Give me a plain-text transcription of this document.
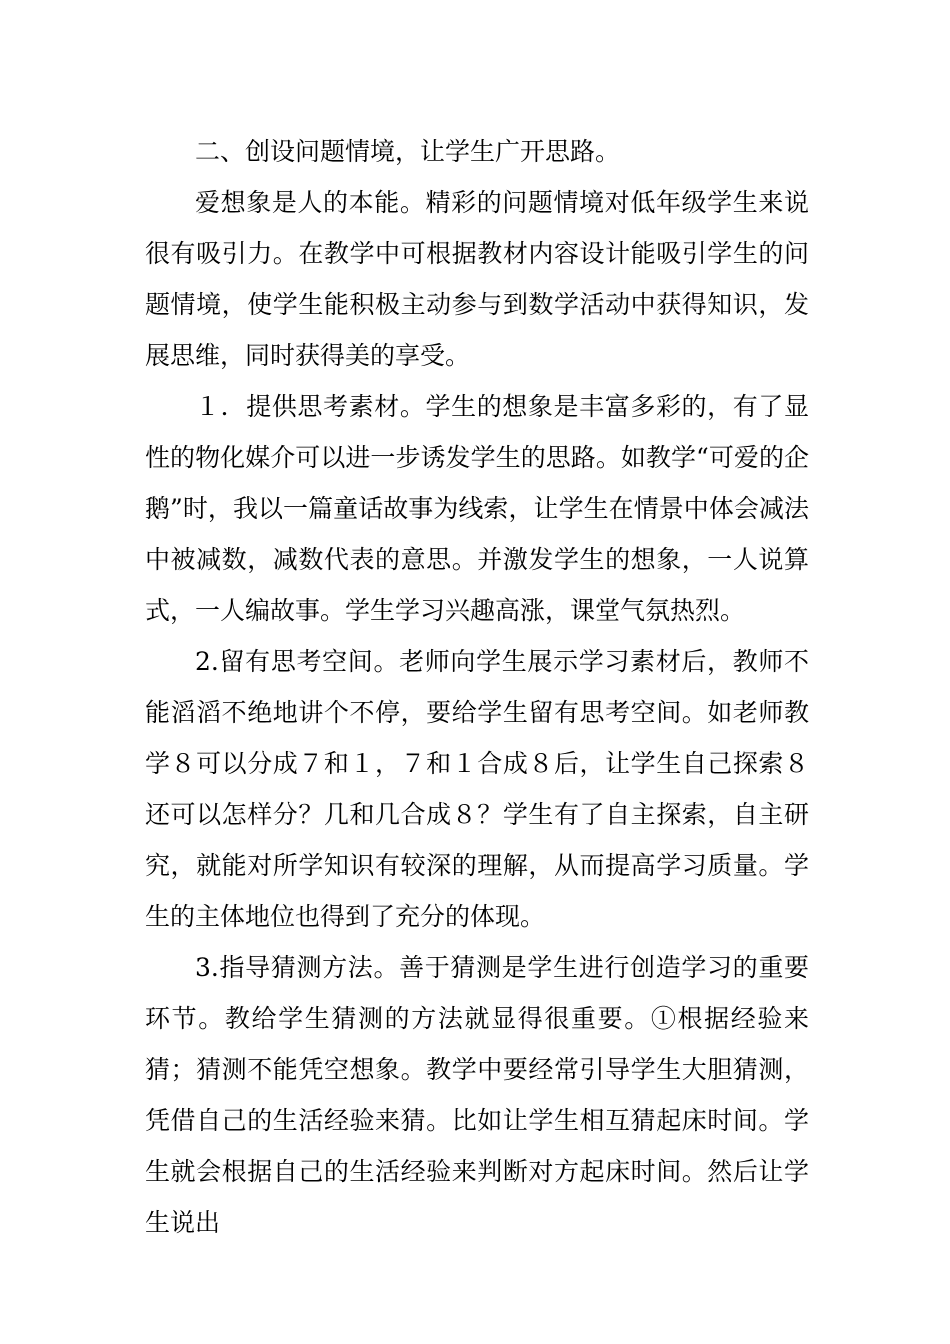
二、创设问题情境，让学生广开思路。

爱想象是人的本能。精彩的问题情境对低年级学生来说很有吸引力。在教学中可根据教材内容设计能吸引学生的问题情境，使学生能积极主动参与到数学活动中获得知识，发展思维，同时获得美的享受。

１．提供思考素材。学生的想象是丰富多彩的，有了显性的物化媒介可以进一步诱发学生的思路。如教学“可爱的企鹅”时，我以一篇童话故事为线索，让学生在情景中体会减法中被减数，减数代表的意思。并激发学生的想象，一人说算式，一人编故事。学生学习兴趣高涨，课堂气氛热烈。

2.留有思考空间。老师向学生展示学习素材后，教师不能滔滔不绝地讲个不停，要给学生留有思考空间。如老师教学８可以分成７和１，７和１合成８后，让学生自己探索８还可以怎样分？几和几合成８？学生有了自主探索，自主研究，就能对所学知识有较深的理解，从而提高学习质量。学生的主体地位也得到了充分的体现。

3.指导猜测方法。善于猜测是学生进行创造学习的重要环节。教给学生猜测的方法就显得很重要。①根据经验来猜；猜测不能凭空想象。教学中要经常引导学生大胆猜测，凭借自己的生活经验来猜。比如让学生相互猜起床时间。学生就会根据自己的生活经验来判断对方起床时间。然后让学生说出
